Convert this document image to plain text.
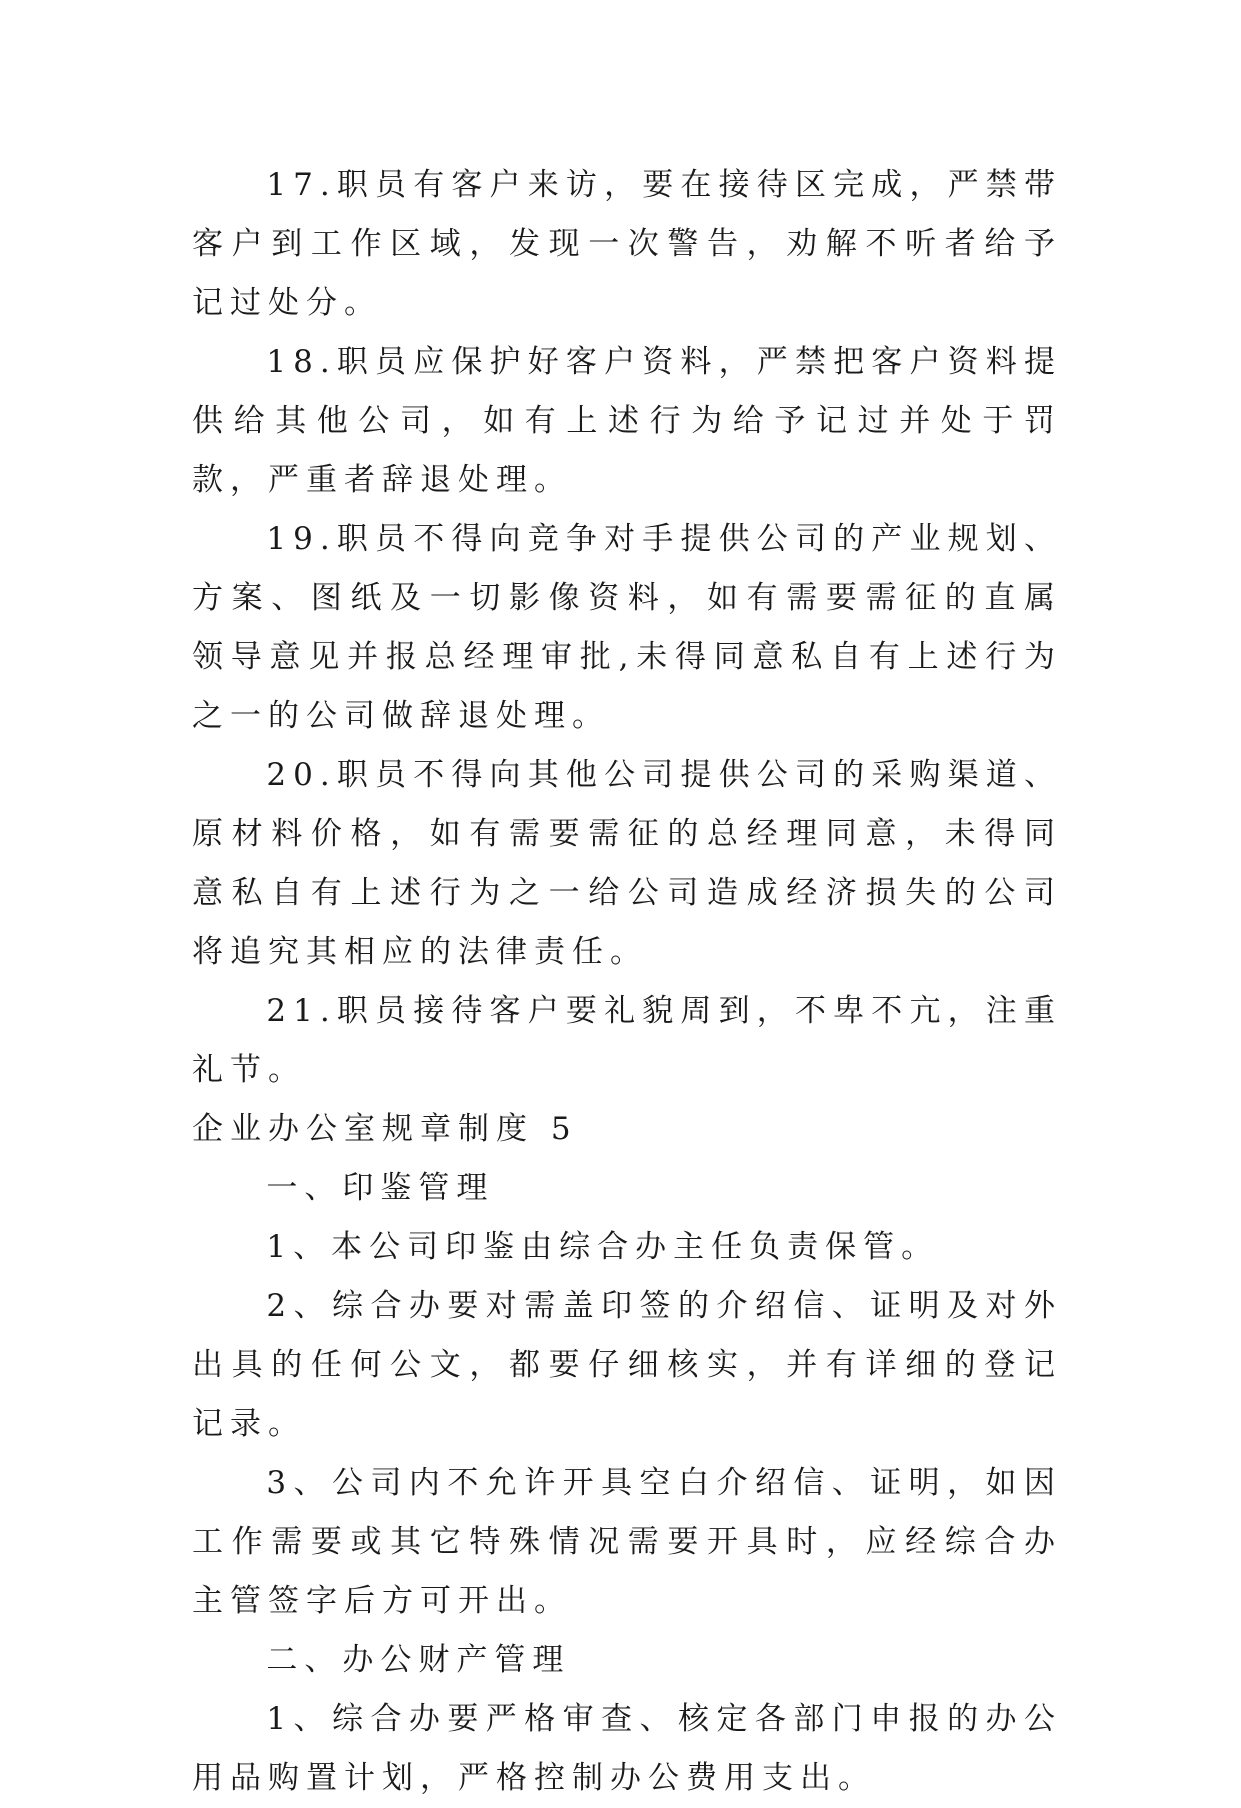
17.职员有客户来访，要在接待区完成，严禁带客户到工作区域，发现一次警告，劝解不听者给予记过处分。

18.职员应保护好客户资料，严禁把客户资料提供给其他公司，如有上述行为给予记过并处于罚款，严重者辞退处理。

19.职员不得向竞争对手提供公司的产业规划、方案、图纸及一切影像资料，如有需要需征的直属领导意见并报总经理审批,未得同意私自有上述行为之一的公司做辞退处理。

20.职员不得向其他公司提供公司的采购渠道、原材料价格，如有需要需征的总经理同意，未得同意私自有上述行为之一给公司造成经济损失的公司将追究其相应的法律责任。

21.职员接待客户要礼貌周到，不卑不亢，注重礼节。

企业办公室规章制度 5

一、印鉴管理

1、本公司印鉴由综合办主任负责保管。

2、综合办要对需盖印签的介绍信、证明及对外出具的任何公文，都要仔细核实，并有详细的登记记录。

3、公司内不允许开具空白介绍信、证明，如因工作需要或其它特殊情况需要开具时，应经综合办主管签字后方可开出。

二、办公财产管理

1、综合办要严格审查、核定各部门申报的办公用品购置计划，严格控制办公费用支出。
